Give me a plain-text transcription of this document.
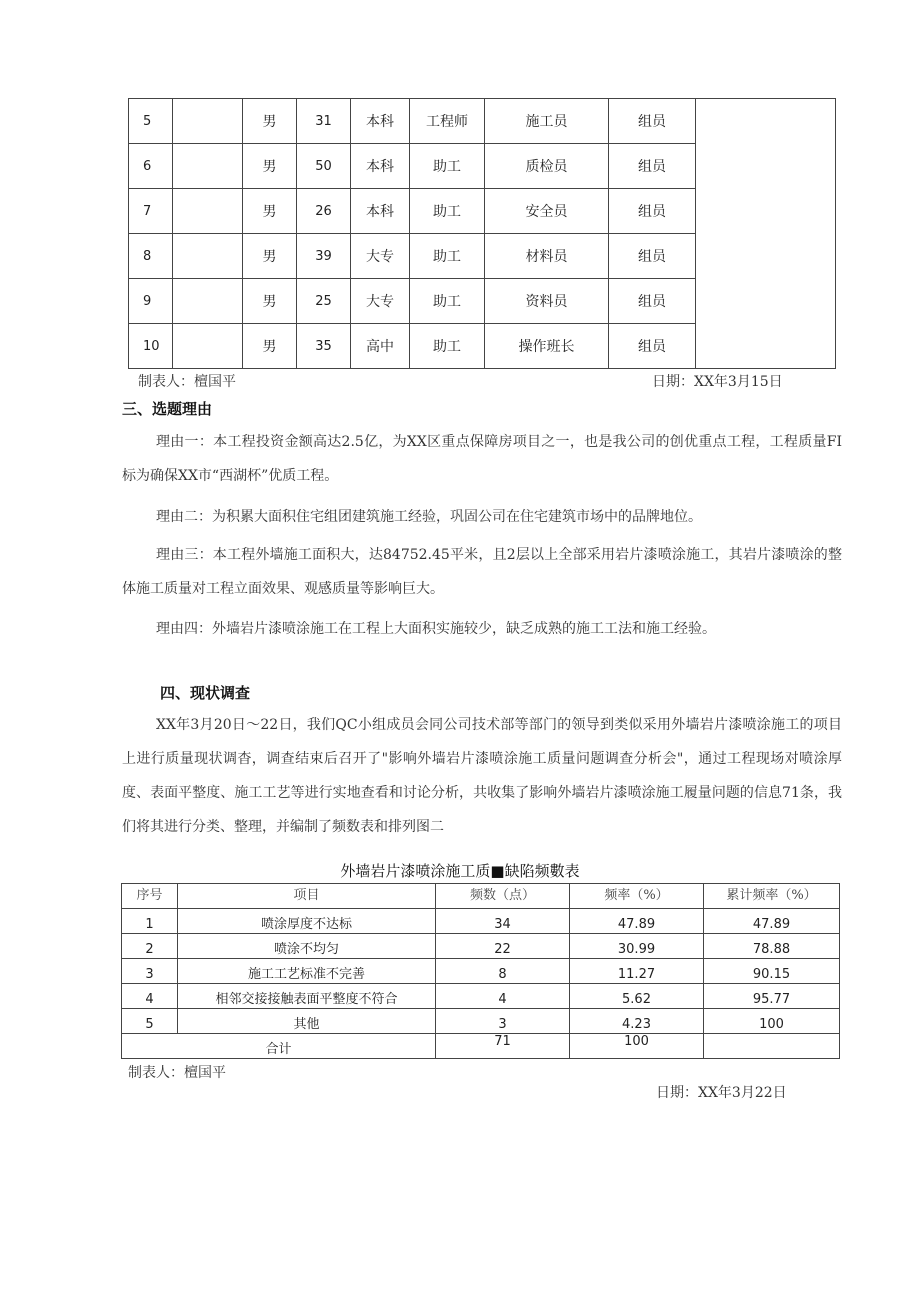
5		男	31	本科	工程师	施工员	组员	
6		男	50	本科	助工	质检员	组员	
7		男	26	本科	助工	安全员	组员	
8		男	39	大专	助工	材料员	组员	
9		男	25	大专	助工	资料员	组员	
10		男	35	高中	助工	操作班长	组员	
制表人：檀国平	日期：XX年3月15日
三、选题理由

理由一：本工程投资金额高达2.5亿，为XX区重点保障房项目之一，也是我公司的创优重点工程，工程质量FI标为确保XX市“西湖杯”优质工程。

理由二：为积累大面积住宅组团建筑施工经验，巩固公司在住宅建筑市场中的品牌地位。

理由三：本工程外墙施工面积大，达84752.45平米，且2层以上全部采用岩片漆喷涂施工，其岩片漆喷涂的整体施工质量对工程立面效果、观感质量等影响巨大。

理由四：外墙岩片漆喷涂施工在工程上大面积实施较少，缺乏成熟的施工工法和施工经验。

四、现状调查

XX年3月20日～22日，我们QC小组成员会同公司技术部等部门的领导到类似采用外墙岩片漆喷涂施工的项目上进行质量现状调杳，调查结束后召开了"影响外墙岩片漆喷涂施工质量问题调查分析会"，通过工程现场对喷涂厚度、表面平整度、施工工艺等进行实地查看和讨论分析，共收集了影响外墙岩片漆喷涂施工履量问题的信息71条，我们将其进行分类、整理，并编制了频数表和排列图二

外墙岩片漆喷涂施工质■缺陷频數表
序号	项目	频数（点）	频率（%）	累计频率（%）
1	喷涂厚度不达标	34	47.89	47.89
2	喷涂不均匀	22	30.99	78.88
3	施工工艺标准不完善	8	11.27	90.15
4	相邻交接接触表面平整度不符合	4	5.62	95.77
5	其他	3	4.23	100
合计		71	100	
制表人：檀国平
日期：XX年3月22日
